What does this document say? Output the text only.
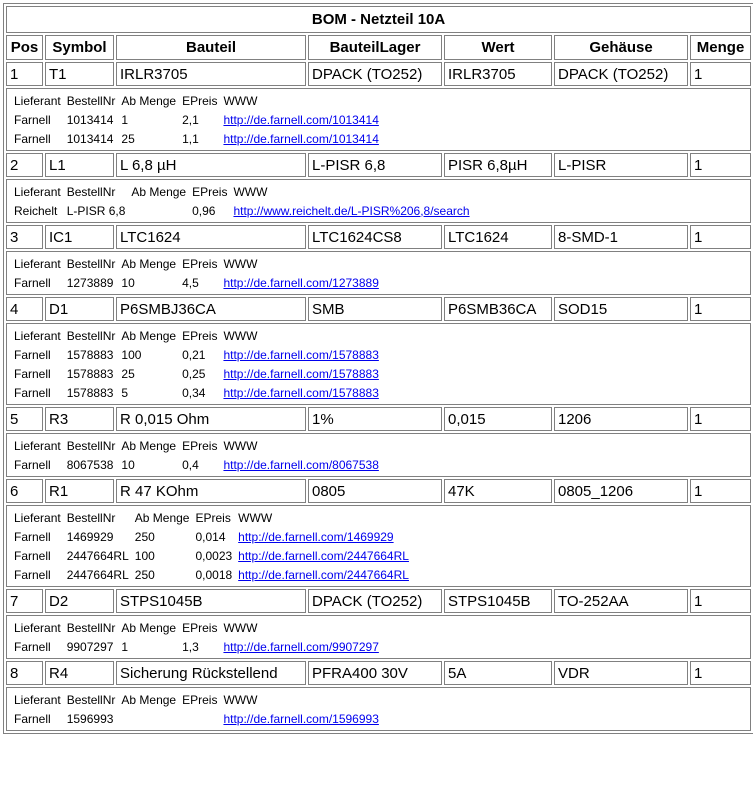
BOM - Netzteil 10A
Pos	Symbol	Bauteil	BauteilLager	Wert	Gehäuse	Menge
1	T1	IRLR3705	DPACK (TO252)	IRLR3705	DPACK (TO252)	1

Lieferant	BestellNr	Ab Menge	EPreis	WWW
Farnell	1013414	1	2,1	http://de.farnell.com/1013414
Farnell	1013414	25	1,1	http://de.farnell.com/1013414

2	L1	L 6,8 µH	L-PISR 6,8	PISR 6,8µH	L-PISR	1

Lieferant	BestellNr	Ab Menge	EPreis	WWW
Reichelt	L-PISR 6,8		0,96	http://www.reichelt.de/L-PISR%206,8/search

3	IC1	LTC1624	LTC1624CS8	LTC1624	8-SMD-1	1

Lieferant	BestellNr	Ab Menge	EPreis	WWW
Farnell	1273889	10	4,5	http://de.farnell.com/1273889

4	D1	P6SMBJ36CA	SMB	P6SMB36CA	SOD15	1

Lieferant	BestellNr	Ab Menge	EPreis	WWW
Farnell	1578883	100	0,21	http://de.farnell.com/1578883
Farnell	1578883	25	0,25	http://de.farnell.com/1578883
Farnell	1578883	5	0,34	http://de.farnell.com/1578883

5	R3	R 0,015 Ohm	1%	0,015	1206	1

Lieferant	BestellNr	Ab Menge	EPreis	WWW
Farnell	8067538	10	0,4	http://de.farnell.com/8067538

6	R1	R 47 KOhm	0805	47K	0805_1206	1

Lieferant	BestellNr	Ab Menge	EPreis	WWW
Farnell	1469929	250	0,014	http://de.farnell.com/1469929
Farnell	2447664RL	100	0,0023	http://de.farnell.com/2447664RL
Farnell	2447664RL	250	0,0018	http://de.farnell.com/2447664RL

7	D2	STPS1045B	DPACK (TO252)	STPS1045B	TO-252AA	1

Lieferant	BestellNr	Ab Menge	EPreis	WWW
Farnell	9907297	1	1,3	http://de.farnell.com/9907297

8	R4	Sicherung Rückstellend	PFRA400 30V	5A	VDR	1

Lieferant	BestellNr	Ab Menge	EPreis	WWW
Farnell	1596993			http://de.farnell.com/1596993
